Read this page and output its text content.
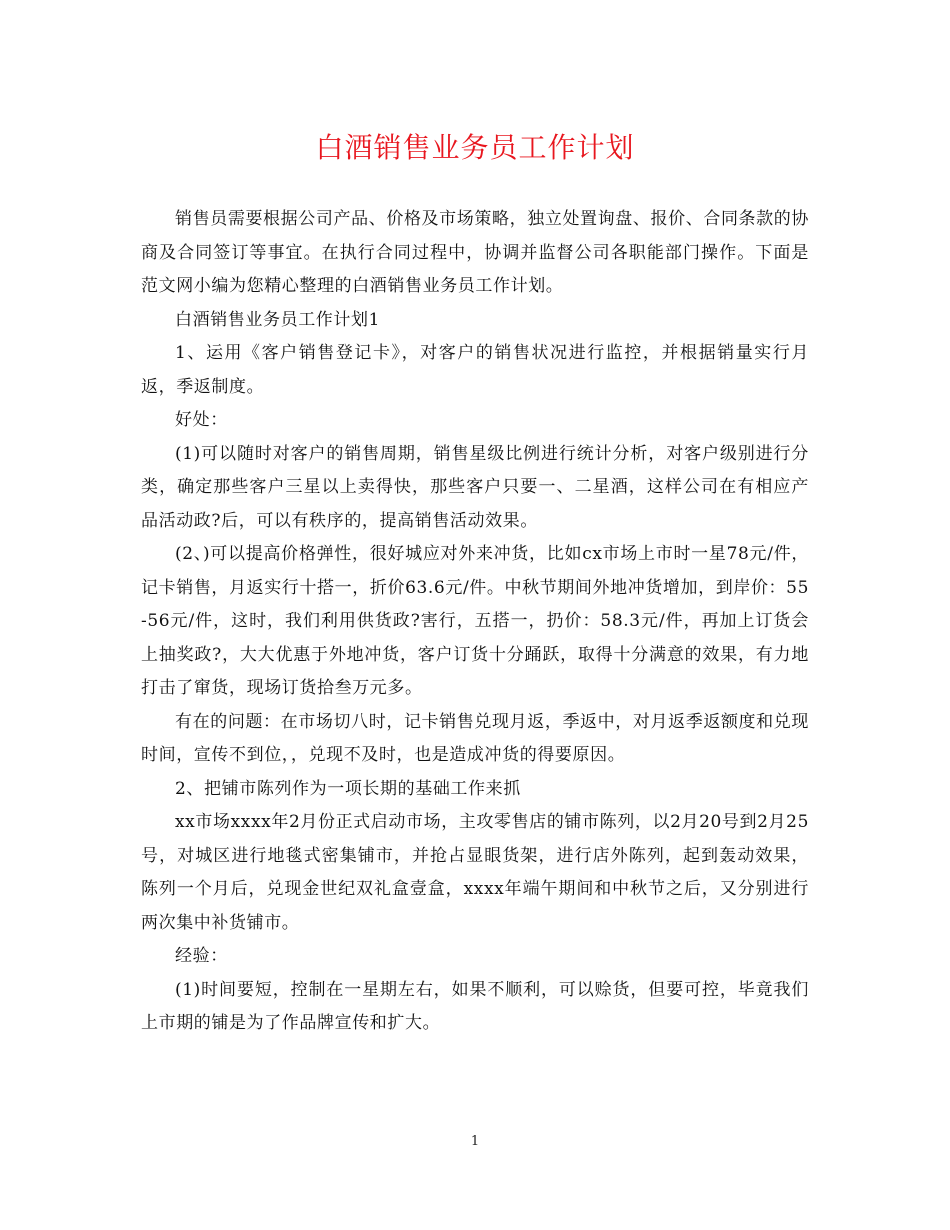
白酒销售业务员工作计划

销售员需要根据公司产品、价格及市场策略，独立处置询盘、报价、合同条款的协商及合同签订等事宜。在执行合同过程中，协调并监督公司各职能部门操作。下面是范文网小编为您精心整理的白酒销售业务员工作计划。

白酒销售业务员工作计划1

1、运用《客户销售登记卡》，对客户的销售状况进行监控，并根据销量实行月返，季返制度。

好处：

(1)可以随时对客户的销售周期，销售星级比例进行统计分析，对客户级别进行分类，确定那些客户三星以上卖得快，那些客户只要一、二星酒，这样公司在有相应产品活动政?后，可以有秩序的，提高销售活动效果。

(2、)可以提高价格弹性，很好城应对外来冲货，比如cx市场上市时一星78元/件，记卡销售，月返实行十搭一，折价63.6元/件。中秋节期间外地冲货增加，到岸价：55-56元/件，这时，我们利用供货政?害行，五搭一，扔价：58.3元/件，再加上订货会上抽奖政?，大大优惠于外地冲货，客户订货十分踊跃，取得十分满意的效果，有力地打击了窜货，现场订货拾叁万元多。

有在的问题：在市场切八时，记卡销售兑现月返，季返中，对月返季返额度和兑现时间，宣传不到位，，兑现不及时，也是造成冲货的得要原因。

2、把铺市陈列作为一项长期的基础工作来抓

xx市场xxxx年2月份正式启动市场，主攻零售店的铺市陈列，以2月20号到2月25号，对城区进行地毯式密集铺市，并抢占显眼货架，进行店外陈列，起到轰动效果，陈列一个月后，兑现金世纪双礼盒壹盒，xxxx年端午期间和中秋节之后，又分别进行两次集中补货铺市。

经验：

(1)时间要短，控制在一星期左右，如果不顺利，可以赊货，但要可控，毕竟我们上市期的铺是为了作品牌宣传和扩大。

1
